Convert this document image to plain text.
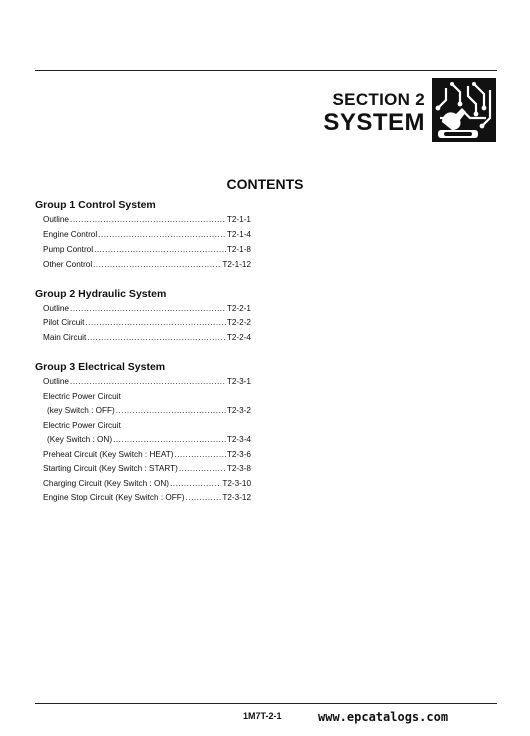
SECTION 2
SYSTEM
CONTENTS
Group 1 Control System
Outline .....	T2-1-1
Engine Control .....	T2-1-4
Pump Control .....	T2-1-8
Other Control .....	T2-1-12
Group 2 Hydraulic System
Outline .....	T2-2-1
Pilot Circuit .....	T2-2-2
Main Circuit .....	T2-2-4
Group 3 Electrical System
Outline .....	T2-3-1
Electric Power Circuit
(key Switch : OFF) .....	T2-3-2
Electric Power Circuit
(Key Switch : ON) .....	T2-3-4
Preheat Circuit (Key Switch : HEAT) .....	T2-3-6
Starting Circuit (Key Switch : START) .....	T2-3-8
Charging Circuit (Key Switch : ON) .....	T2-3-10
Engine Stop Circuit (Key Switch : OFF) .....	T2-3-12
1M7T-2-1	www.epcatalogs.com
